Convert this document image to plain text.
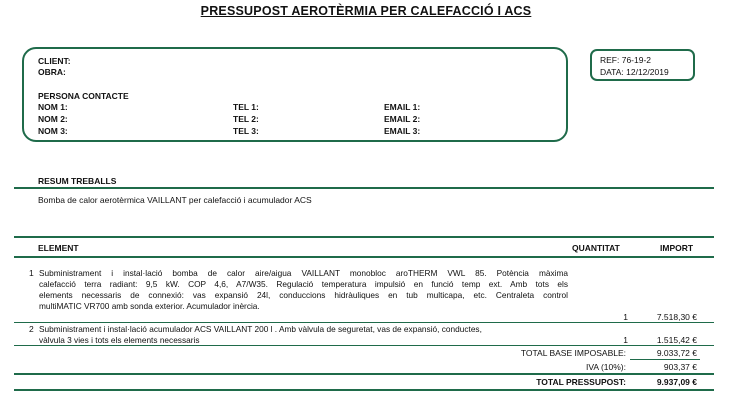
PRESSUPOST AEROTÈRMIA PER CALEFACCIÓ I ACS
CLIENT:
OBRA:
PERSONA CONTACTE
NOM 1:	TEL 1:	EMAIL 1:
NOM 2:	TEL 2:	EMAIL 2:
NOM 3:	TEL 3:	EMAIL 3:
REF: 76-19-2
DATA: 12/12/2019
RESUM TREBALLS
Bomba de calor aerotèrmica VAILLANT per calefacció i acumulador ACS
ELEMENT	QUANTITAT	IMPORT
1 Subministrament i instal·lació bomba de calor aire/aigua VAILLANT monobloc aroTHERM VWL 85. Potència màxima
calefacció terra radiant: 9,5 kW. COP 4,6, A7/W35. Regulació temperatura impulsió en funció temp ext. Amb tots els
elements necessaris de connexió: vas expansió 24l, conduccions hidràuliques en tub multicapa, etc. Centraleta control
multiMATIC VR700 amb sonda exterior. Acumulador inèrcia.
1	7.518,30 €
2 Subministrament i instal·lació acumulador ACS VAILLANT 200 l . Amb vàlvula de seguretat, vas de expansió, conductes,
vàlvula 3 vies i tots els elements necessaris	1	1.515,42 €
TOTAL BASE IMPOSABLE:	9.033,72 €
IVA (10%):	903,37 €
TOTAL PRESSUPOST:	9.937,09 €
